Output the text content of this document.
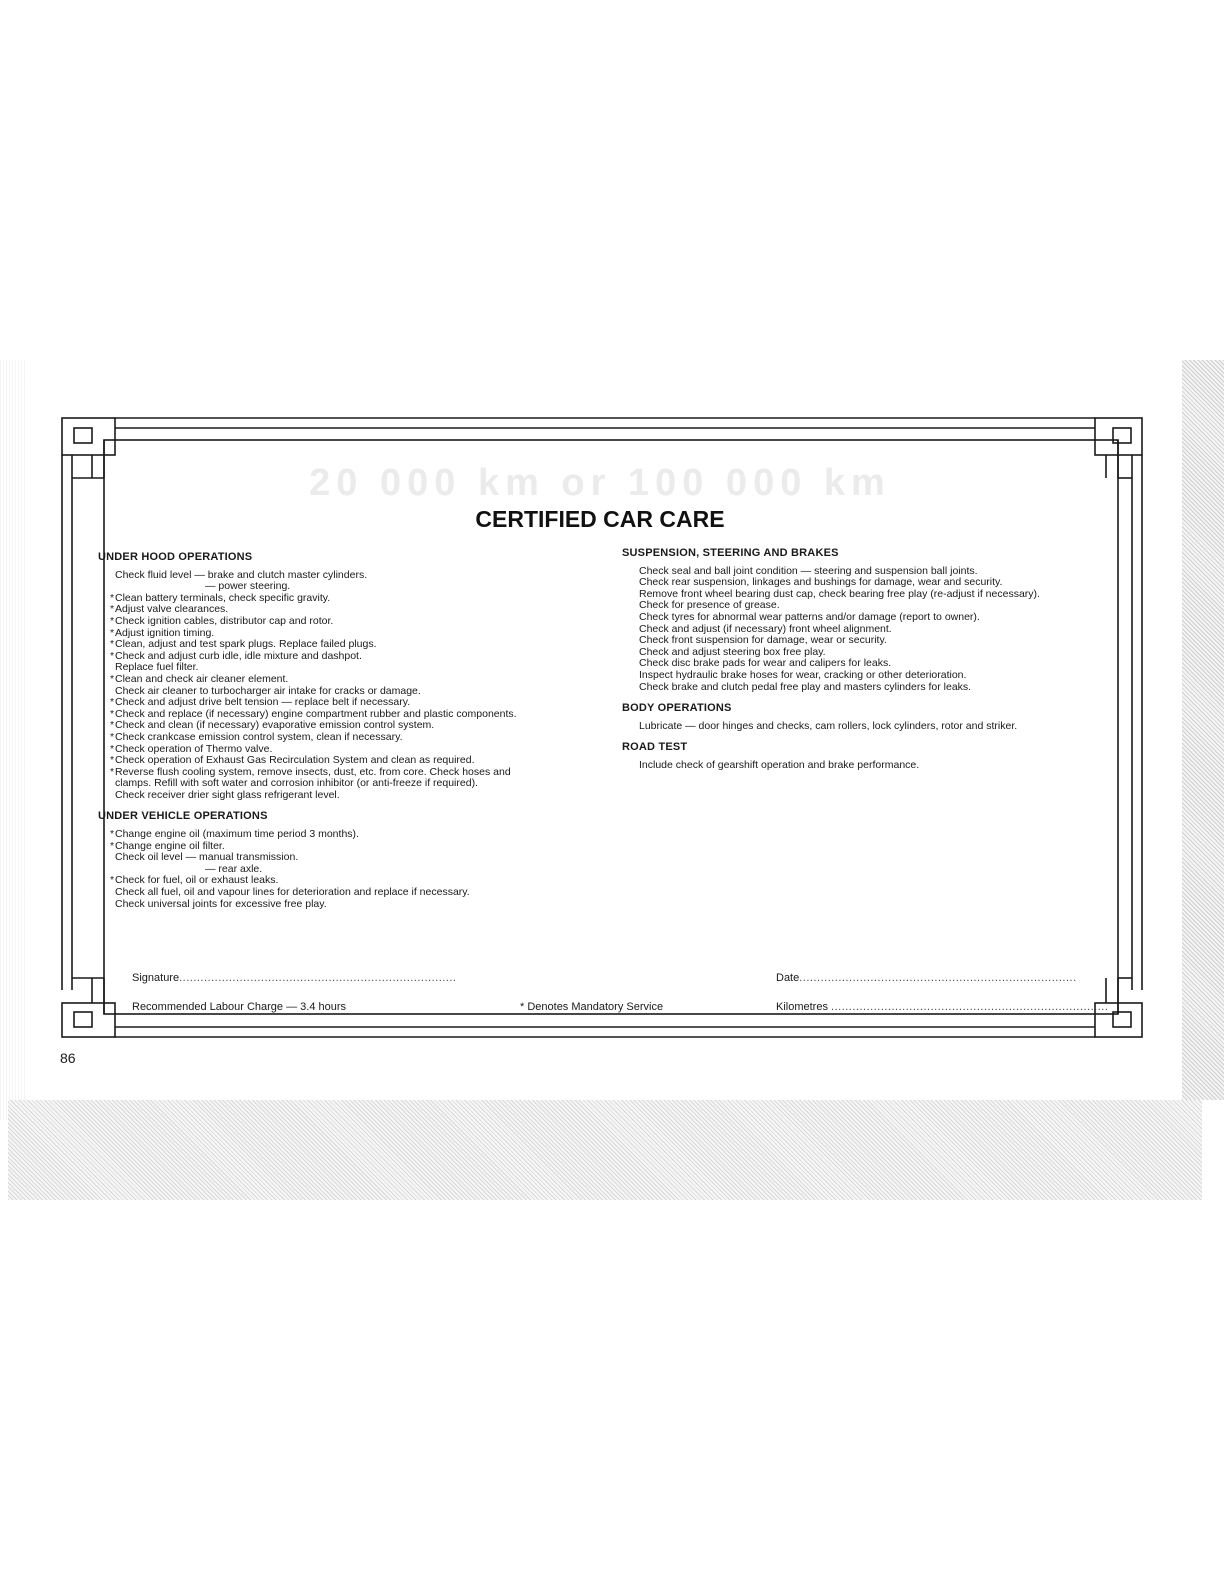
20 000 km or 100 000 km
CERTIFIED CAR CARE
UNDER HOOD OPERATIONS
Check fluid level — brake and clutch master cylinders.
— power steering.
*Clean battery terminals, check specific gravity.
*Adjust valve clearances.
*Check ignition cables, distributor cap and rotor.
*Adjust ignition timing.
*Clean, adjust and test spark plugs. Replace failed plugs.
*Check and adjust curb idle, idle mixture and dashpot.
Replace fuel filter.
*Clean and check air cleaner element.
Check air cleaner to turbocharger air intake for cracks or damage.
*Check and adjust drive belt tension — replace belt if necessary.
*Check and replace (if necessary) engine compartment rubber and plastic components.
*Check and clean (if necessary) evaporative emission control system.
*Check crankcase emission control system, clean if necessary.
*Check operation of Thermo valve.
*Check operation of Exhaust Gas Recirculation System and clean as required.
*Reverse flush cooling system, remove insects, dust, etc. from core. Check hoses and
clamps. Refill with soft water and corrosion inhibitor (or anti-freeze if required).
Check receiver drier sight glass refrigerant level.
UNDER VEHICLE OPERATIONS
*Change engine oil (maximum time period 3 months).
*Change engine oil filter.
Check oil level — manual transmission.
— rear axle.
*Check for fuel, oil or exhaust leaks.
Check all fuel, oil and vapour lines for deterioration and replace if necessary.
Check universal joints for excessive free play.
SUSPENSION, STEERING AND BRAKES
Check seal and ball joint condition — steering and suspension ball joints.
Check rear suspension, linkages and bushings for damage, wear and security.
Remove front wheel bearing dust cap, check bearing free play (re-adjust if necessary).
Check for presence of grease.
Check tyres for abnormal wear patterns and/or damage (report to owner).
Check and adjust (if necessary) front wheel alignment.
Check front suspension for damage, wear or security.
Check and adjust steering box free play.
Check disc brake pads for wear and calipers for leaks.
Inspect hydraulic brake hoses for wear, cracking or other deterioration.
Check brake and clutch pedal free play and masters cylinders for leaks.
BODY OPERATIONS
Lubricate — door hinges and checks, cam rollers, lock cylinders, rotor and striker.
ROAD TEST
Include check of gearshift operation and brake performance.
Signature..............................................................................	Date..............................................................................
Recommended Labour Charge — 3.4 hours	* Denotes Mandatory Service	Kilometres ..............................................................................
86
